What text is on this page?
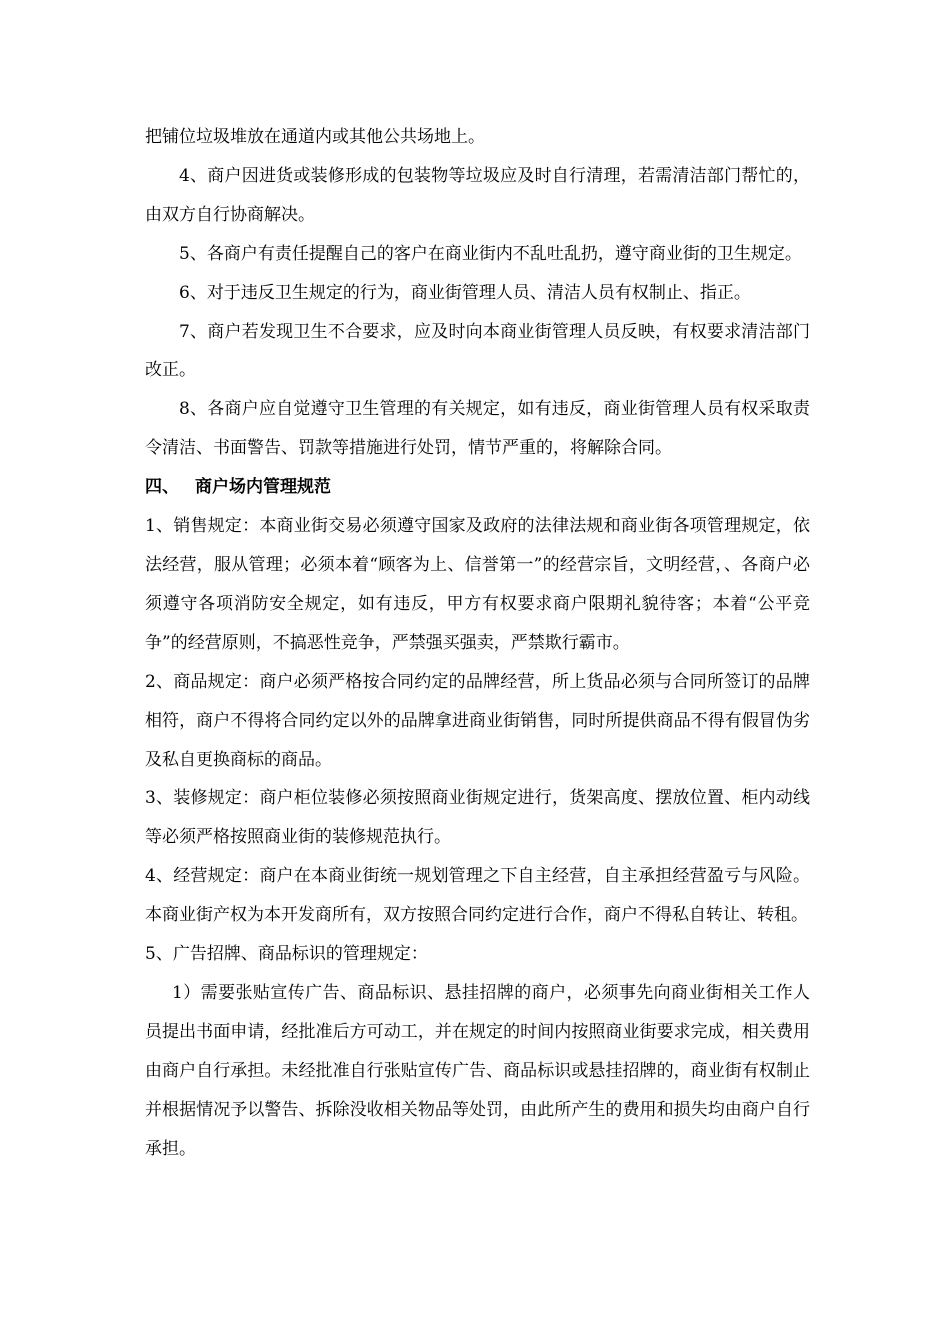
把铺位垃圾堆放在通道内或其他公共场地上。

4、商户因进货或装修形成的包装物等垃圾应及时自行清理，若需清洁部门帮忙的，由双方自行协商解决。

5、各商户有责任提醒自己的客户在商业街内不乱吐乱扔，遵守商业街的卫生规定。

6、对于违反卫生规定的行为，商业街管理人员、清洁人员有权制止、指正。

7、商户若发现卫生不合要求，应及时向本商业街管理人员反映，有权要求清洁部门改正。

8、各商户应自觉遵守卫生管理的有关规定，如有违反，商业街管理人员有权采取责令清洁、书面警告、罚款等措施进行处罚，情节严重的，将解除合同。

四、 商户场内管理规范

1、销售规定：本商业街交易必须遵守国家及政府的法律法规和商业街各项管理规定，依法经营，服从管理；必须本着“顾客为上、信誉第一”的经营宗旨，文明经营，、各商户必须遵守各项消防安全规定，如有违反，甲方有权要求商户限期礼貌待客；本着“公平竞争”的经营原则，不搞恶性竞争，严禁强买强卖，严禁欺行霸市。

2、商品规定：商户必须严格按合同约定的品牌经营，所上货品必须与合同所签订的品牌相符，商户不得将合同约定以外的品牌拿进商业街销售，同时所提供商品不得有假冒伪劣及私自更换商标的商品。

3、装修规定：商户柜位装修必须按照商业街规定进行，货架高度、摆放位置、柜内动线等必须严格按照商业街的装修规范执行。

4、经营规定：商户在本商业街统一规划管理之下自主经营，自主承担经营盈亏与风险。本商业街产权为本开发商所有，双方按照合同约定进行合作，商户不得私自转让、转租。

5、广告招牌、商品标识的管理规定：

1）需要张贴宣传广告、商品标识、悬挂招牌的商户，必须事先向商业街相关工作人员提出书面申请，经批准后方可动工，并在规定的时间内按照商业街要求完成，相关费用由商户自行承担。未经批准自行张贴宣传广告、商品标识或悬挂招牌的，商业街有权制止并根据情况予以警告、拆除没收相关物品等处罚，由此所产生的费用和损失均由商户自行承担。
